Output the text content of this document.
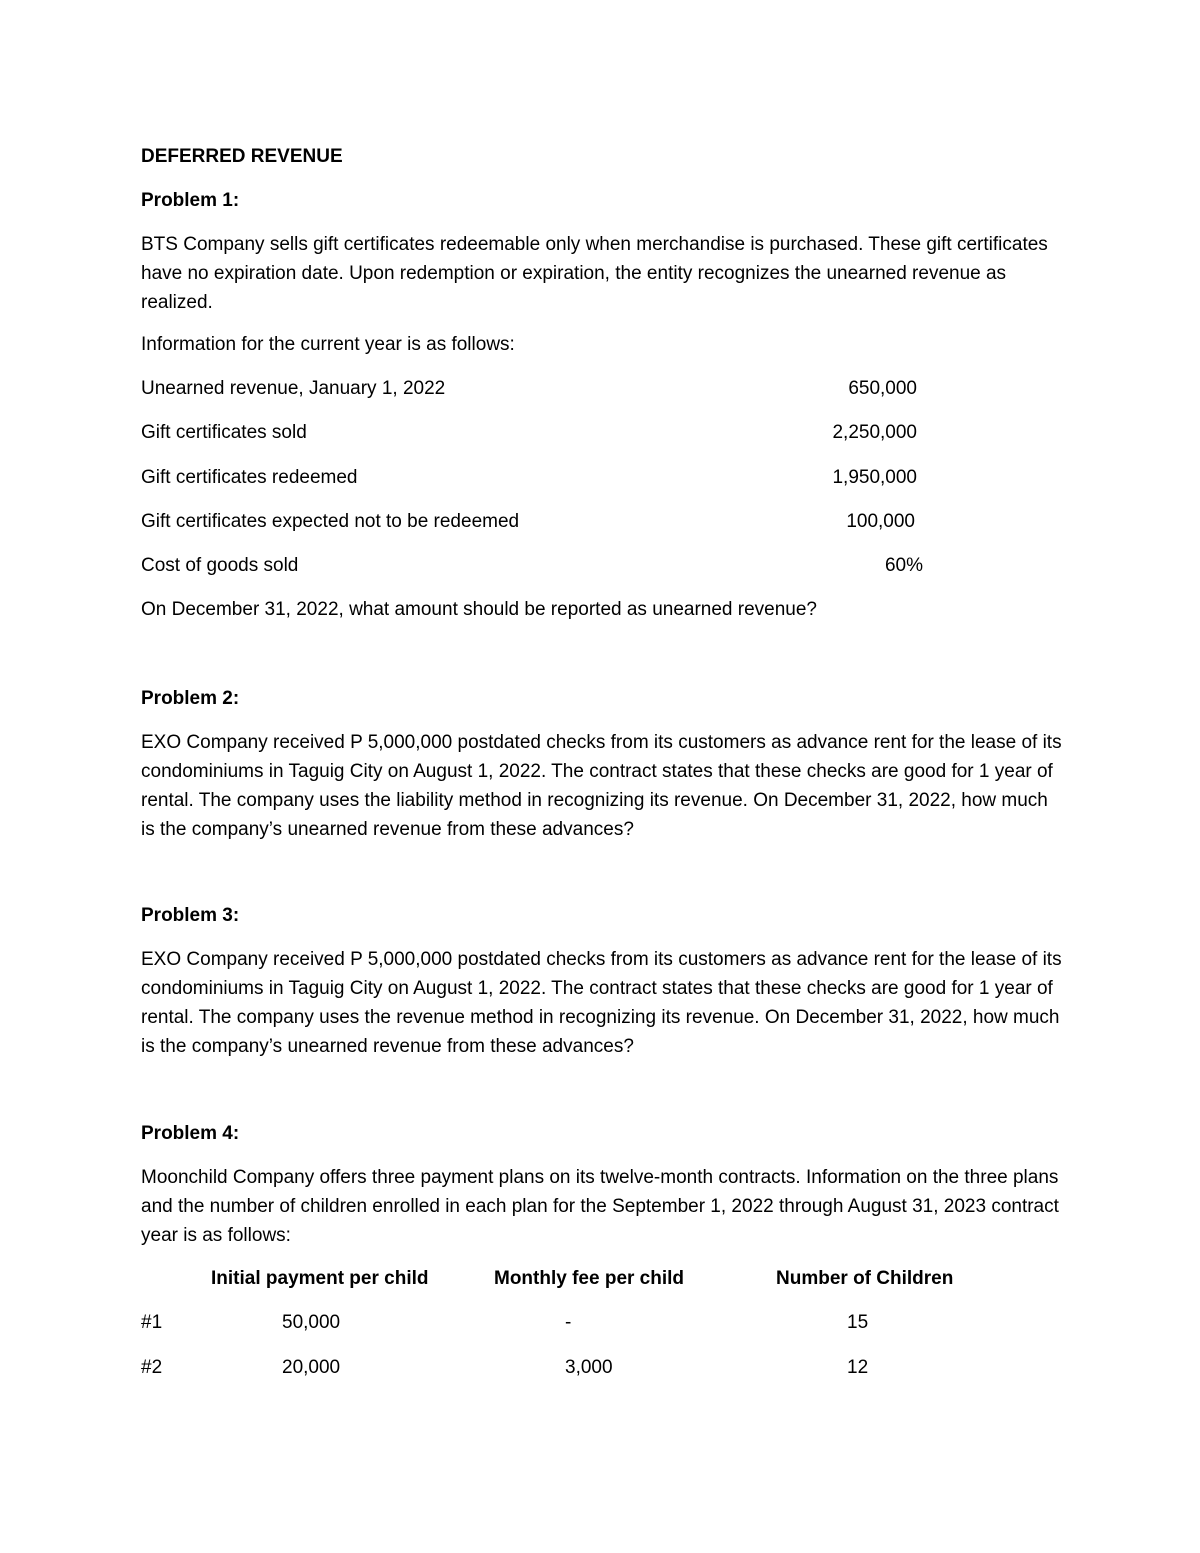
DEFERRED REVENUE
Problem 1:
BTS Company sells gift certificates redeemable only when merchandise is purchased. These gift certificates have no expiration date. Upon redemption or expiration, the entity recognizes the unearned revenue as realized.
Information for the current year is as follows:
Unearned revenue, January 1, 2022	650,000
Gift certificates sold	2,250,000
Gift certificates redeemed	1,950,000
Gift certificates expected not to be redeemed	100,000
Cost of goods sold	60%
On December 31, 2022, what amount should be reported as unearned revenue?
Problem 2:
EXO Company received P 5,000,000 postdated checks from its customers as advance rent for the lease of its condominiums in Taguig City on August 1, 2022. The contract states that these checks are good for 1 year of rental. The company uses the liability method in recognizing its revenue. On December 31, 2022, how much is the company’s unearned revenue from these advances?
Problem 3:
EXO Company received P 5,000,000 postdated checks from its customers as advance rent for the lease of its condominiums in Taguig City on August 1, 2022. The contract states that these checks are good for 1 year of rental. The company uses the revenue method in recognizing its revenue. On December 31, 2022, how much is the company’s unearned revenue from these advances?
Problem 4:
Moonchild Company offers three payment plans on its twelve-month contracts. Information on the three plans and the number of children enrolled in each plan for the September 1, 2022 through August 31, 2023 contract year is as follows:
Initial payment per child	Monthly fee per child	Number of Children
#1	50,000	-	15
#2	20,000	3,000	12
